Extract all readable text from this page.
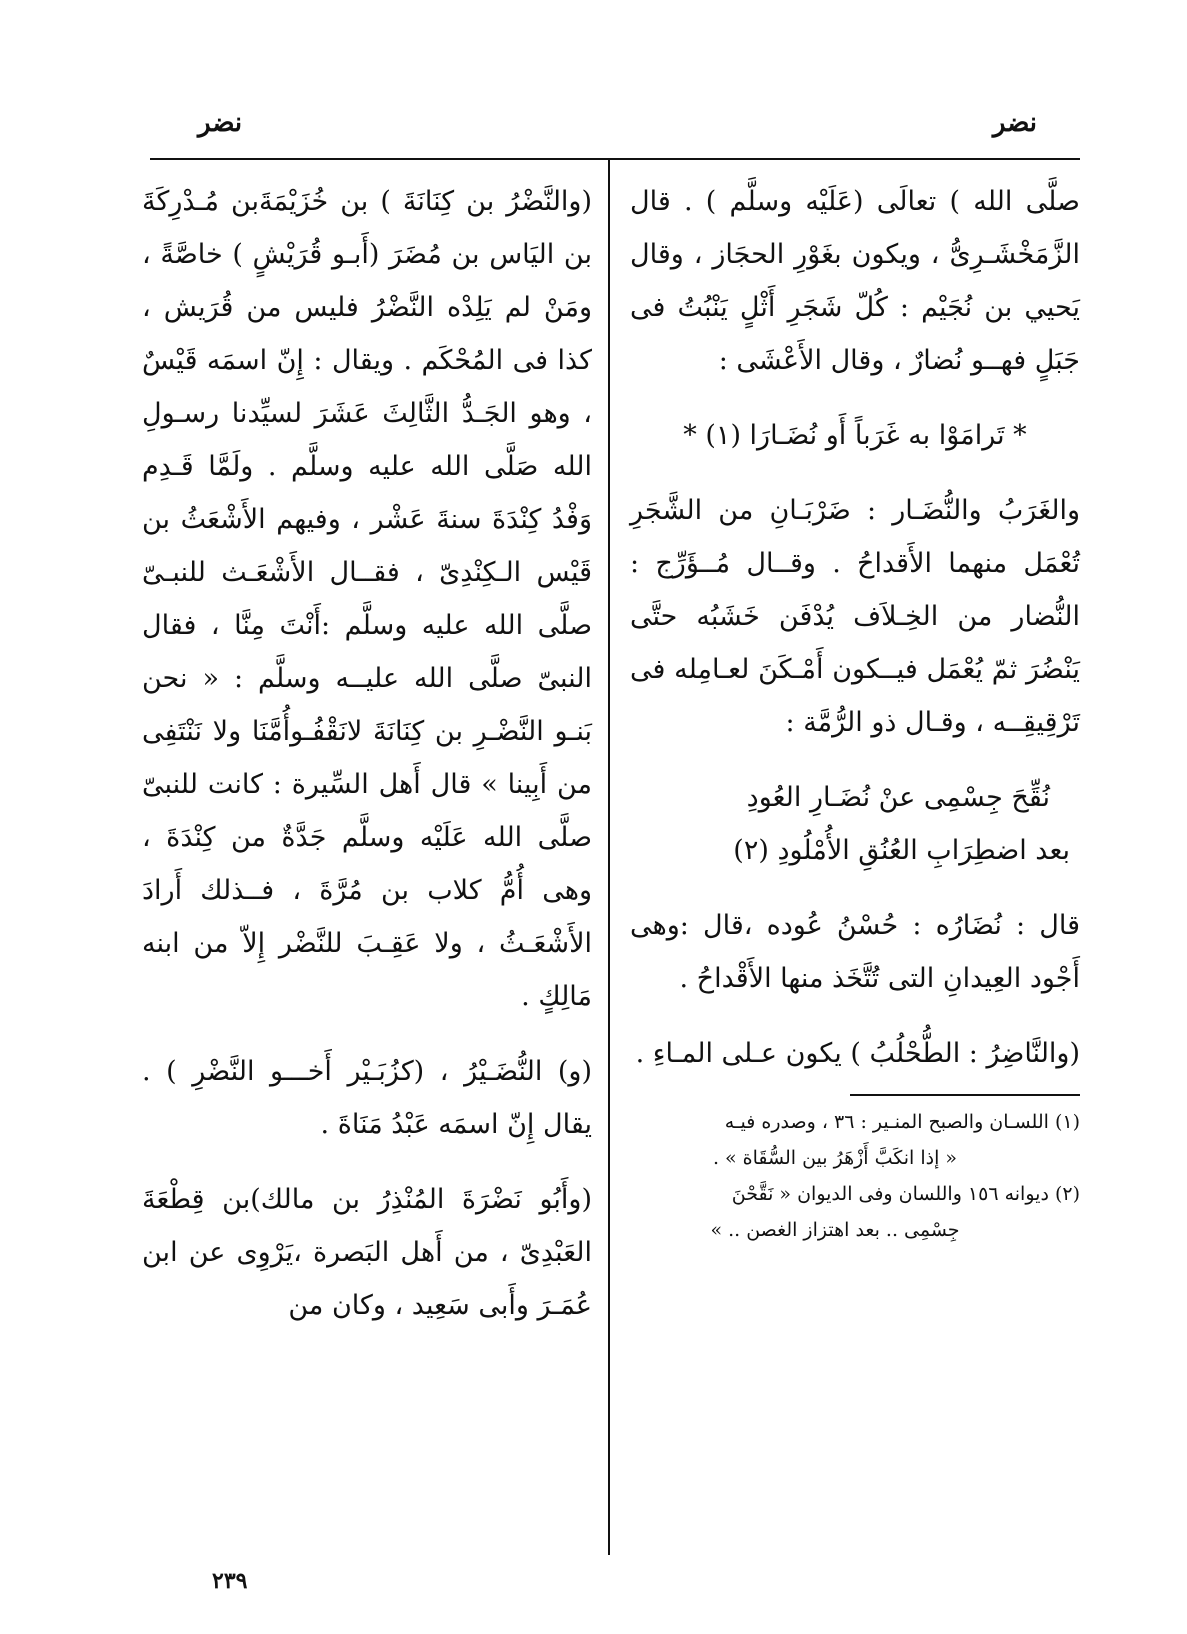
نضر
نضر

صلَّى الله ) تعالَى (عَلَيْه وسلَّم ) . قال الزَّمَخْشَـرِىُّ ، ويكون بغَوْرِ الحجَاز ، وقال يَحيي بن نُجَيْم : كُلّ شَجَرِ أَثْلٍ يَنْبُتُ فى جَبَلٍ فهــو نُضارٌ ، وقال الأَعْشَى :

* تَرامَوْا به غَرَباً أَو نُضَـارَا (١) *

والغَرَبُ والنُّضَـار : ضَرْبَـانِ من الشَّجَرِ تُعْمَل منهما الأَقداحُ . وقــال مُــؤَرِّج : النُّضار من الخِـلاَف يُدْفَن خَشَبُه حتَّى يَنْضُرَ ثمّ يُعْمَل فيــكون أَمْـكَنَ لعـامِله فى تَرْقِيقِــه ، وقـال ذو الرُّمَّة :

نُقِّحَ جِسْمِى عنْ نُضَـارِ العُودِ
بعد اضطِرَابِ العُنُقِ الأُمْلُودِ (٢)

قال : نُضَارُه : حُسْنُ عُوده ،قال :وهى أَجْود العِيدانِ التى تُتَّخَذ منها الأَقْداحُ .

(والنَّاضِرُ : الطُّحْلُبُ ) يكون عـلى المـاءِ .

(١) اللسـان والصبح المنـير : ٣٦ ، وصدره فيـه
« إذا انكَبَّ أَزْهَرُ بين السُّقَاة » .
(٢) ديوانه ١٥٦ واللسان وفى الديوان « نَقَّحْنَ
جِسْمِى .. بعد اهتزاز الغصن .. »

(والنَّضْرُ بن كِنَانَةَ ) بن خُزَيْمَةَبن مُـدْرِكَةَ بن اليَاس بن مُضَرَ (أَبـو قُرَيْشٍ ) خاصَّةً ، ومَنْ لم يَلِدْه النَّضْرُ فليس من قُرَيش ، كذا فى المُحْكَم . ويقال : إِنّ اسمَه قَيْسٌ ، وهو الجَـدُّ الثَّالِثَ عَشَرَ لسيِّدنا رسـولِ الله صَلَّى الله عليه وسلَّم . ولَمَّا قَـدِم وَفْدُ كِنْدَةَ سنةَ عَشْر ، وفيهم الأَشْعَثُ بن قَيْس الـكِنْدِىّ ، فقــال الأَشْعَـث للنبـىّ صلَّى الله عليه وسلَّم :أَنْتَ مِنَّا ، فقال النبىّ صلَّى الله عليــه وسلَّم : « نحن بَنـو النَّضْـرِ بن كِنَانَةَ لانَقْفُـوأُمَّنَا ولا نَنْتَفِى من أَبِينا » قال أَهل السِّيرة : كانت للنبىّ صلَّى الله عَلَيْه وسلَّم جَدَّةٌ من كِنْدَةَ ، وهى أُمُّ كلاب بن مُرَّةَ ، فــذلك أَرادَ الأَشْعَـثُ ، ولا عَقِـبَ للنَّضْر إِلاّ من ابنه مَالِكٍ .

(و) النُّضَـيْرُ ، (كزُبَـيْر أَخـــو النَّضْرِ ) . يقال إِنّ اسمَه عَبْدُ مَنَاةَ .

(وأَبُو نَضْرَةَ المُنْذِرُ بن مالك)بن قِطْعَةَ العَبْدِىّ ، من أَهل البَصرة ،يَرْوِى عن ابن عُمَـرَ وأَبى سَعِيد ، وكان من

٢٣٩
